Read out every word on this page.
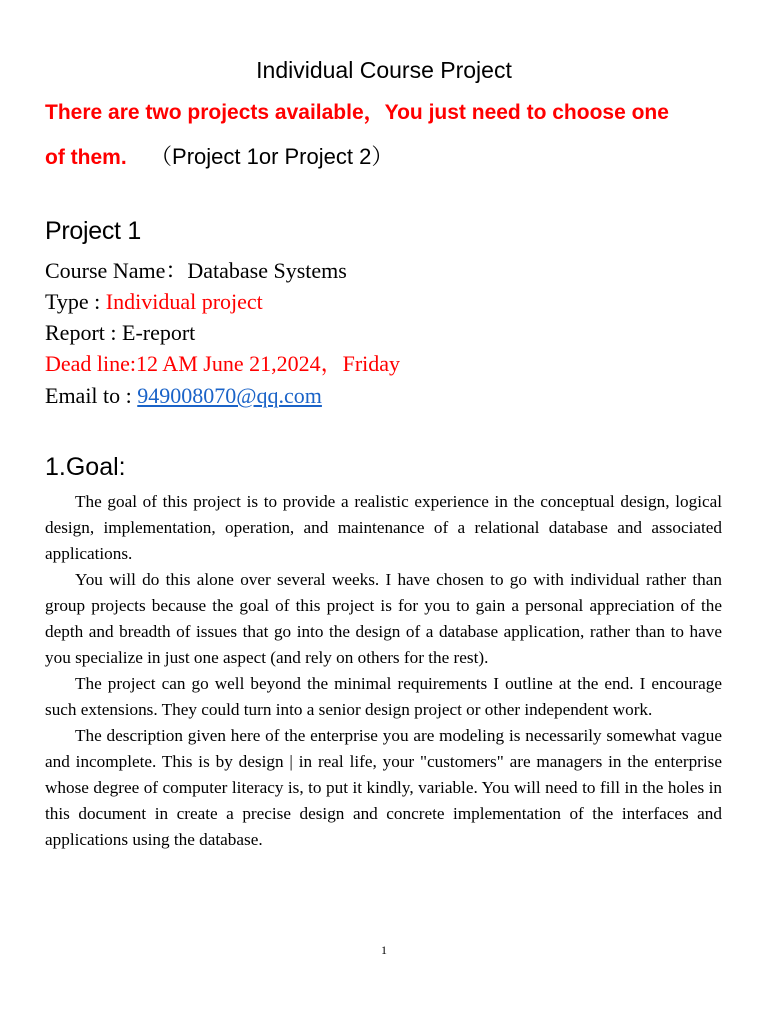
Individual Course Project
There are two projects available，You just need to choose one
of them. （Project 1or Project 2）
Project 1
Course Name：Database Systems
Type : Individual project
Report : E-report
Dead line:12 AM June 21,2024，Friday
Email to : 949008070@qq.com
1.Goal:

The goal of this project is to provide a realistic experience in the conceptual design, logical design, implementation, operation, and maintenance of a relational database and associated applications.

You will do this alone over several weeks. I have chosen to go with individual rather than group projects because the goal of this project is for you to gain a personal appreciation of the depth and breadth of issues that go into the design of a database application, rather than to have you specialize in just one aspect (and rely on others for the rest).

The project can go well beyond the minimal requirements I outline at the end. I encourage such extensions. They could turn into a senior design project or other independent work.

The description given here of the enterprise you are modeling is necessarily somewhat vague and incomplete. This is by design | in real life, your "customers" are managers in the enterprise whose degree of computer literacy is, to put it kindly, variable. You will need to fill in the holes in this document in create a precise design and concrete implementation of the interfaces and applications using the database.

1
